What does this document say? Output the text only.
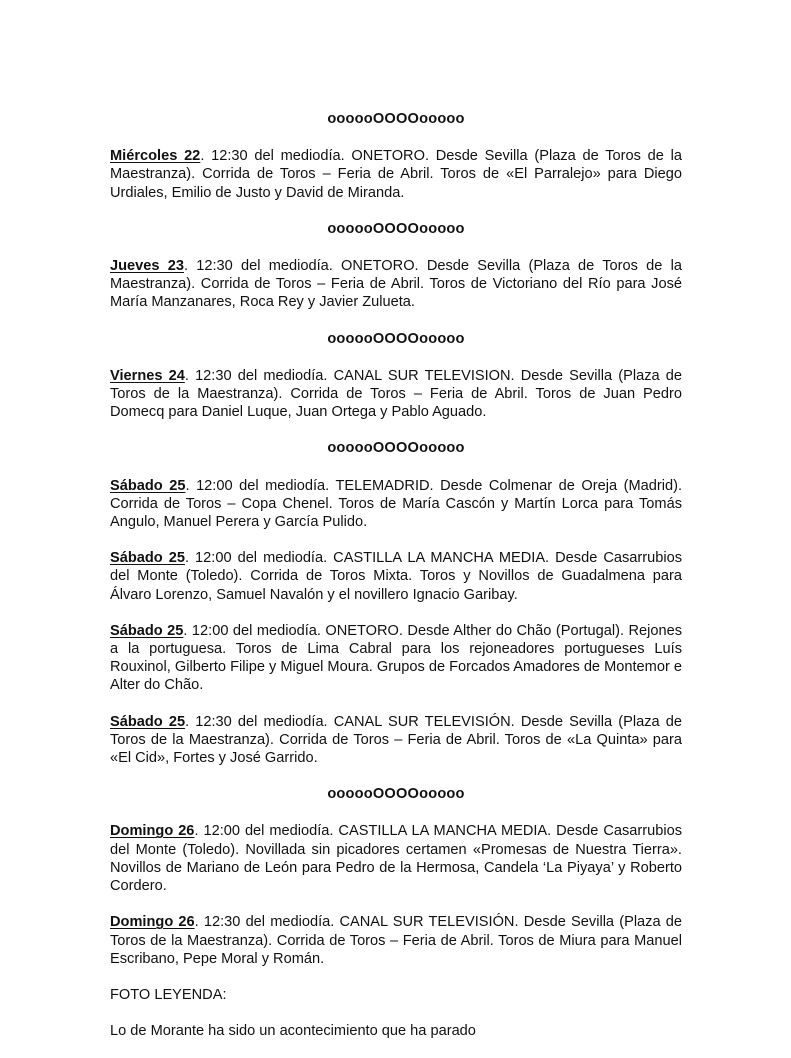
oooooOOOOooooo

Miércoles 22. 12:30 del mediodía. ONETORO. Desde Sevilla (Plaza de Toros de la Maestranza). Corrida de Toros – Feria de Abril. Toros de «El Parralejo» para Diego Urdiales, Emilio de Justo y David de Miranda.

oooooOOOOooooo

Jueves 23. 12:30 del mediodía. ONETORO. Desde Sevilla (Plaza de Toros de la Maestranza). Corrida de Toros – Feria de Abril. Toros de Victoriano del Río para José María Manzanares, Roca Rey y Javier Zulueta.

oooooOOOOooooo

Viernes 24. 12:30 del mediodía. CANAL SUR TELEVISION. Desde Sevilla (Plaza de Toros de la Maestranza). Corrida de Toros – Feria de Abril. Toros de Juan Pedro Domecq para Daniel Luque, Juan Ortega y Pablo Aguado.

oooooOOOOooooo

Sábado 25. 12:00 del mediodía. TELEMADRID. Desde Colmenar de Oreja (Madrid). Corrida de Toros – Copa Chenel. Toros de María Cascón y Martín Lorca para Tomás Angulo, Manuel Perera y García Pulido.

Sábado 25. 12:00 del mediodía. CASTILLA LA MANCHA MEDIA. Desde Casarrubios del Monte (Toledo). Corrida de Toros Mixta. Toros y Novillos de Guadalmena para Álvaro Lorenzo, Samuel Navalón y el novillero Ignacio Garibay.

Sábado 25. 12:00 del mediodía. ONETORO. Desde Alther do Chão (Portugal). Rejones a la portuguesa. Toros de Lima Cabral para los rejoneadores portugueses Luís Rouxinol, Gilberto Filipe y Miguel Moura. Grupos de Forcados Amadores de Montemor e Alter do Chão.

Sábado 25. 12:30 del mediodía. CANAL SUR TELEVISIÓN. Desde Sevilla (Plaza de Toros de la Maestranza). Corrida de Toros – Feria de Abril. Toros de «La Quinta» para «El Cid», Fortes y José Garrido.

oooooOOOOooooo

Domingo 26. 12:00 del mediodía. CASTILLA LA MANCHA MEDIA. Desde Casarrubios del Monte (Toledo). Novillada sin picadores certamen «Promesas de Nuestra Tierra». Novillos de Mariano de León para Pedro de la Hermosa, Candela ‘La Piyaya’ y Roberto Cordero.

Domingo 26. 12:30 del mediodía. CANAL SUR TELEVISIÓN. Desde Sevilla (Plaza de Toros de la Maestranza). Corrida de Toros – Feria de Abril. Toros de Miura para Manuel Escribano, Pepe Moral y Román.

FOTO LEYENDA:

Lo de Morante ha sido un acontecimiento que ha parado
